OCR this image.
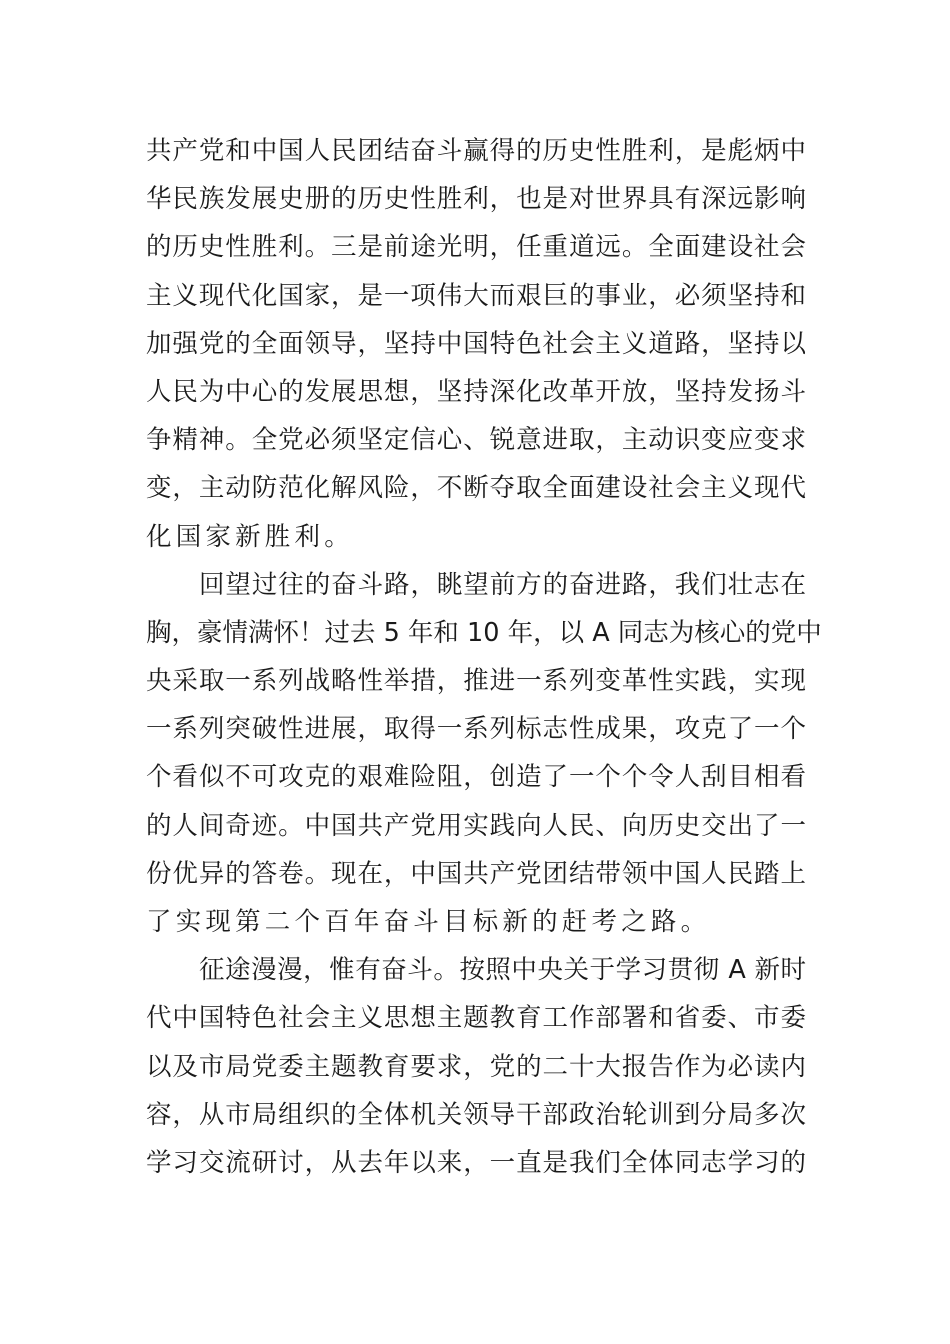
共产党和中国人民团结奋斗赢得的历史性胜利，是彪炳中
华民族发展史册的历史性胜利，也是对世界具有深远影响
的历史性胜利。三是前途光明，任重道远。全面建设社会
主义现代化国家，是一项伟大而艰巨的事业，必须坚持和
加强党的全面领导，坚持中国特色社会主义道路，坚持以
人民为中心的发展思想，坚持深化改革开放，坚持发扬斗
争精神。全党必须坚定信心、锐意进取，主动识变应变求
变，主动防范化解风险，不断夺取全面建设社会主义现代
化国家新胜利。
回望过往的奋斗路，眺望前方的奋进路，我们壮志在
胸，豪情满怀！过去 5 年和 10 年，以 A 同志为核心的党中
央采取一系列战略性举措，推进一系列变革性实践，实现
一系列突破性进展，取得一系列标志性成果，攻克了一个
个看似不可攻克的艰难险阻，创造了一个个令人刮目相看
的人间奇迹。中国共产党用实践向人民、向历史交出了一
份优异的答卷。现在，中国共产党团结带领中国人民踏上
了实现第二个百年奋斗目标新的赶考之路。
征途漫漫，惟有奋斗。按照中央关于学习贯彻 A 新时
代中国特色社会主义思想主题教育工作部署和省委、市委
以及市局党委主题教育要求，党的二十大报告作为必读内
容，从市局组织的全体机关领导干部政治轮训到分局多次
学习交流研讨，从去年以来，一直是我们全体同志学习的
